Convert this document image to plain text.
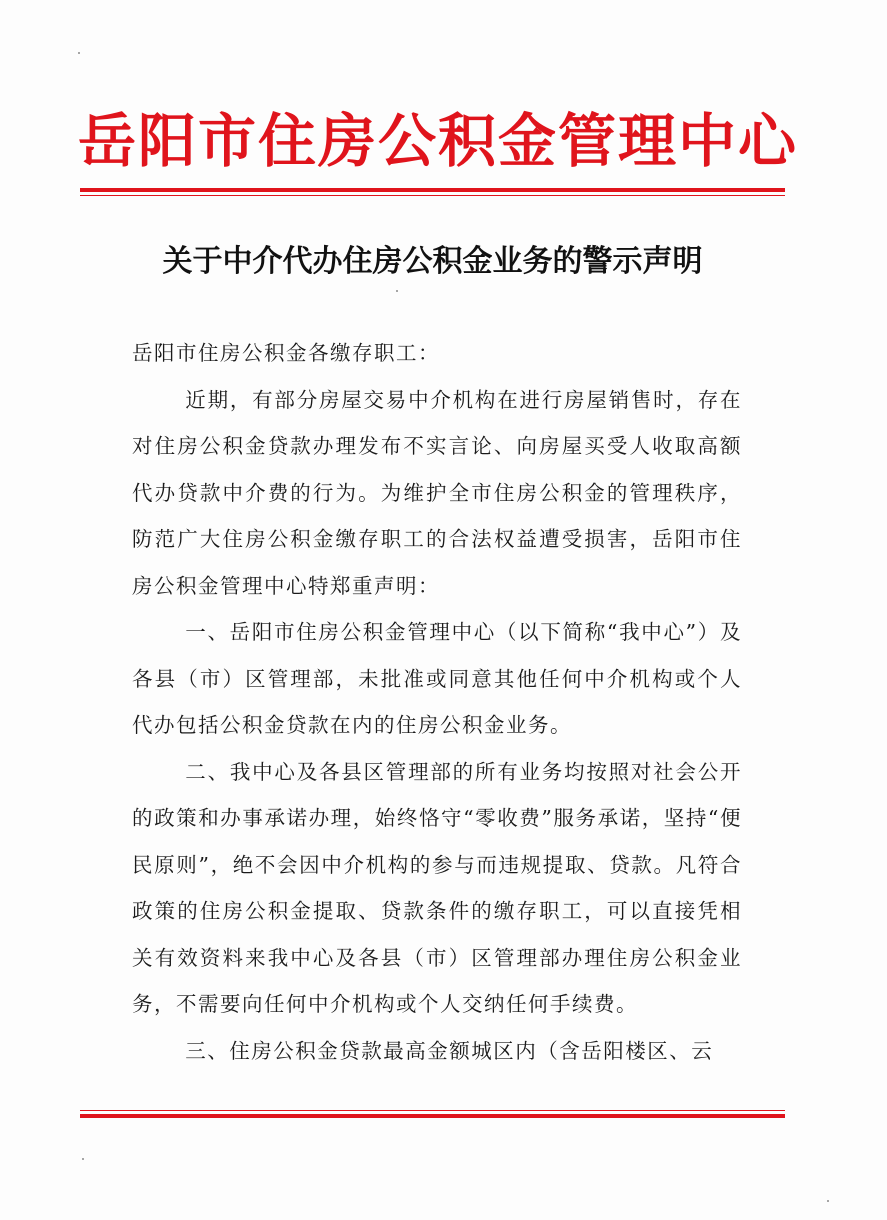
岳阳市住房公积金管理中心
关于中介代办住房公积金业务的警示声明

岳阳市住房公积金各缴存职工：

近期，有部分房屋交易中介机构在进行房屋销售时，存在对住房公积金贷款办理发布不实言论、向房屋买受人收取高额代办贷款中介费的行为。为维护全市住房公积金的管理秩序，防范广大住房公积金缴存职工的合法权益遭受损害，岳阳市住房公积金管理中心特郑重声明：

一、岳阳市住房公积金管理中心（以下简称“我中心”）及各县（市）区管理部，未批准或同意其他任何中介机构或个人代办包括公积金贷款在内的住房公积金业务。

二、我中心及各县区管理部的所有业务均按照对社会公开的政策和办事承诺办理，始终恪守“零收费”服务承诺，坚持“便民原则”，绝不会因中介机构的参与而违规提取、贷款。凡符合政策的住房公积金提取、贷款条件的缴存职工，可以直接凭相关有效资料来我中心及各县（市）区管理部办理住房公积金业务，不需要向任何中介机构或个人交纳任何手续费。

三、住房公积金贷款最高金额城区内（含岳阳楼区、云
